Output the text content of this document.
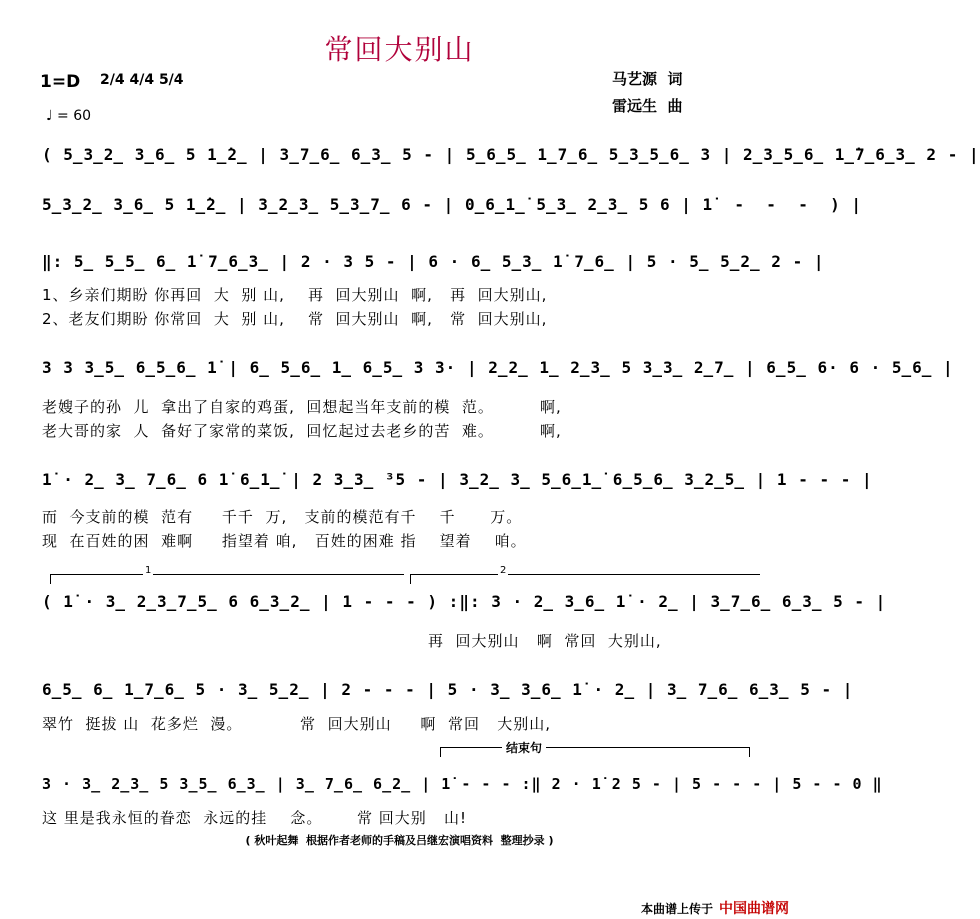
常回大别山
1=D 2/4 4/4 5/4
♩ = 60
马艺源  词
雷远生  曲
( 5̲3̲2̲ 3̲6̲ 5 1̲̇2̲ | 3̲7̲6̲ 6̲3̲ 5 - | 5̲6̲5̲ 1̲7̲6̲ 5̲3̲5̲6̲ 3 | 2̲3̲5̲6̲ 1̲̇7̲6̲3̲ 2 - |
5̲3̲2̲ 3̲6̲ 5 1̲̇2̲ | 3̲2̲3̲ 5̲3̲7̲ 6 - | 0̲6̲1̲̇ 5̲3̲ 2̲3̲ 5 6 | 1̇  -  -  -  ) |
‖: 5̲ 5̲5̲ 6̲ 1̇ 7̲6̲3̲ | 2 · 3 5 - | 6 · 6̲ 5̲3̲ 1̇ 7̲6̲ | 5 · 5̲ 5̲2̲ 2 - |
1、乡亲们期盼 你再回  大  别 山,    再  回大别山  啊,   再  回大别山,
2、老友们期盼 你常回  大  别 山,    常  回大别山  啊,   常  回大别山,
3 3 3̲5̲ 6̲5̲6̲ 1̇ | 6̲ 5̲6̲ 1̲ 6̲5̲ 3 3· | 2̲2̲ 1̲ 2̲3̲ 5 3̲3̲ 2̲7̲ | 6̲5̲ 6· 6 · 5̲6̲ |
老嫂子的孙  儿  拿出了自家的鸡蛋,  回想起当年支前的模  范。        啊,
老大哥的家  人  备好了家常的菜饭,  回忆起过去老乡的苦  难。        啊,
1̇ · 2̲ 3̲ 7̲6̲ 6 1̇ 6̲1̲̇ | 2 3̲3̲ ³5 - | 3̲2̲ 3̲ 5̲6̲1̲̇ 6̲5̲6̲ 3̲2̲5̲ | 1 - - - |
而  今支前的模  范有     千千  万,   支前的模范有千    千      万。
现  在百姓的困  难啊     指望着 咱,   百姓的困难 指    望着    咱。
1	2
( 1̇ · 3̲ 2̲3̲7̲5̲ 6 6̲3̲2̲ | 1 - - - ) :‖: 3 · 2̲ 3̲6̲ 1̇ · 2̲ | 3̲7̲6̲ 6̲3̲ 5 - |
再  回大别山   啊  常回  大别山,
6̲5̲ 6̲ 1̲7̲6̲ 5 · 3̲ 5̲2̲ | 2 - - - | 5 · 3̲ 3̲6̲ 1̇ · 2̲ | 3̲ 7̲6̲ 6̲3̲ 5 - |
翠竹  挺拔 山  花多烂  漫。          常  回大别山     啊  常回   大别山,
结束句
3 · 3̲ 2̲3̲ 5 3̲5̲ 6̲3̲ | 3̲ 7̲6̲ 6̲2̲ | 1̇ - - - :‖ 2 · 1̇ 2 5 - | 5 - - - | 5 - - 0 ‖
这 里是我永恒的眷恋  永远的挂    念。      常 回大别   山!
( 秋叶起舞  根据作者老师的手稿及吕继宏演唱资料  整理抄录 )
本曲谱上传于 中国曲谱网
